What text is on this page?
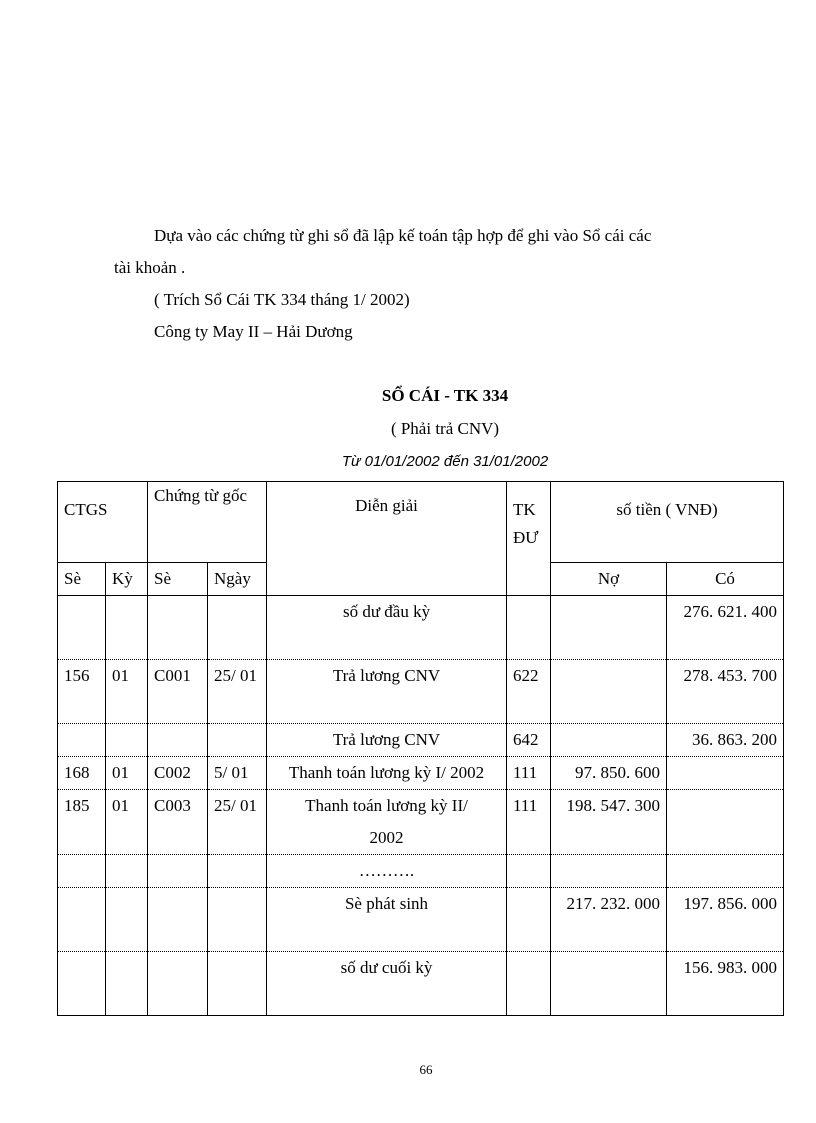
Dựa vào các chứng từ ghi sổ đã lập kế toán tập hợp để ghi vào Sổ cái các
tài khoản .
( Trích Sổ Cái TK 334 tháng 1/ 2002)
Công ty May II – Hải Dương
SỔ CÁI - TK 334
( Phải trả CNV)
Từ 01/01/2002 đến 31/01/2002
CTGS		Chứng từ gốc		Diễn giải	TK ĐƯ	số tiền ( VNĐ)	
Sè	Kỳ	Sè	Ngày			Nợ	Có
				số dư đầu kỳ			276. 621. 400
156	01	C001	25/ 01	Trả lương CNV	622		278. 453. 700
				Trả lương CNV	642		36. 863. 200
168	01	C002	5/ 01	Thanh toán lương kỳ I/ 2002	111	97. 850. 600	
185	01	C003	25/ 01	Thanh toán lương kỳ II/ 2002	111	198. 547. 300	
				……….			
				Sè phát sinh		217. 232. 000	197. 856. 000
				số dư cuối kỳ			156. 983. 000
66
